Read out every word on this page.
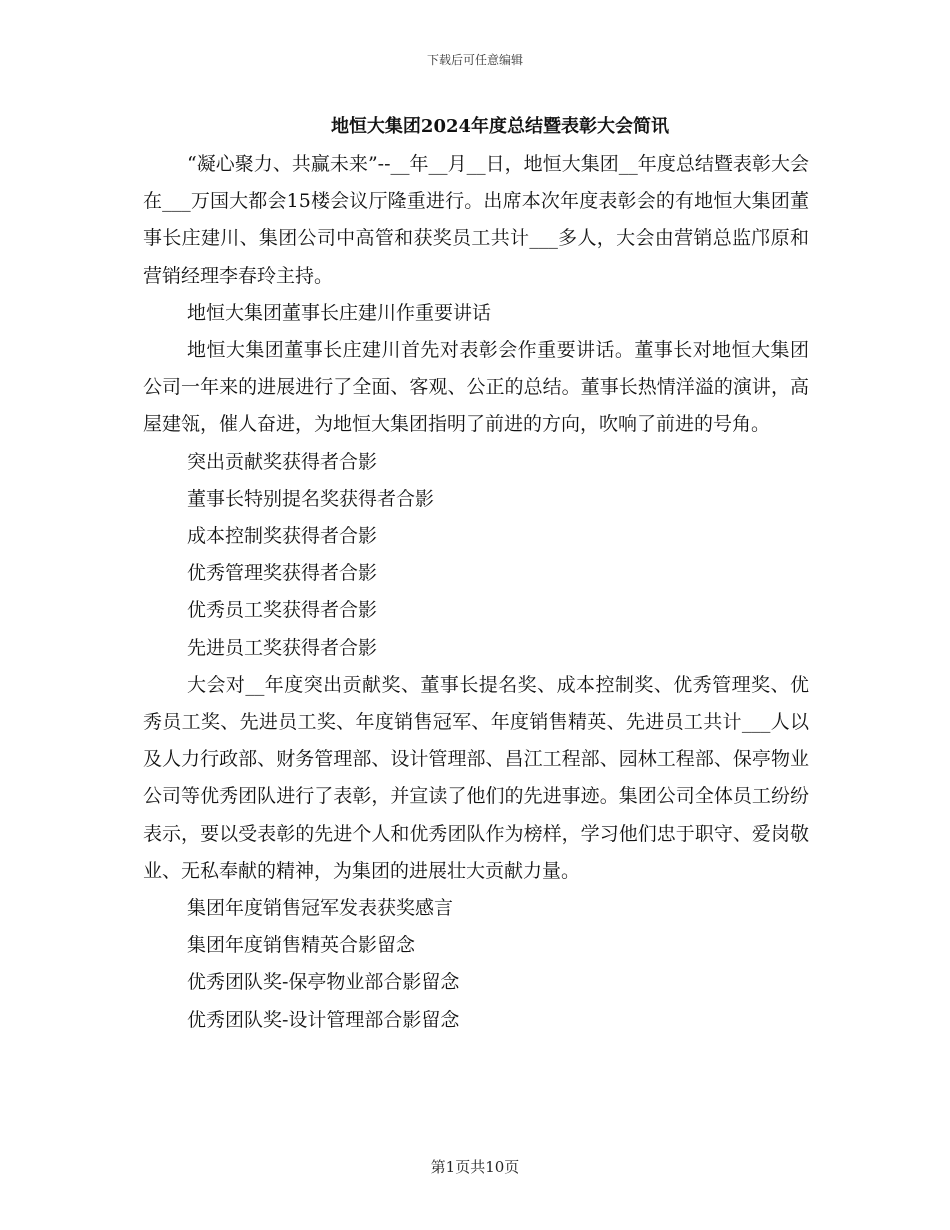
下载后可任意编辑
地恒大集团2024年度总结暨表彰大会简讯

“凝心聚力、共赢未来”--__年__月__日，地恒大集团__年度总结暨表彰大会在___万国大都会15楼会议厅隆重进行。出席本次年度表彰会的有地恒大集团董事长庄建川、集团公司中高管和获奖员工共计___多人，大会由营销总监邝原和营销经理李春玲主持。

地恒大集团董事长庄建川作重要讲话

地恒大集团董事长庄建川首先对表彰会作重要讲话。董事长对地恒大集团公司一年来的进展进行了全面、客观、公正的总结。董事长热情洋溢的演讲，高屋建瓴，催人奋进，为地恒大集团指明了前进的方向，吹响了前进的号角。

突出贡献奖获得者合影

董事长特别提名奖获得者合影

成本控制奖获得者合影

优秀管理奖获得者合影

优秀员工奖获得者合影

先进员工奖获得者合影

大会对__年度突出贡献奖、董事长提名奖、成本控制奖、优秀管理奖、优秀员工奖、先进员工奖、年度销售冠军、年度销售精英、先进员工共计___人以及人力行政部、财务管理部、设计管理部、昌江工程部、园林工程部、保亭物业公司等优秀团队进行了表彰，并宣读了他们的先进事迹。集团公司全体员工纷纷表示，要以受表彰的先进个人和优秀团队作为榜样，学习他们忠于职守、爱岗敬业、无私奉献的精神，为集团的进展壮大贡献力量。

集团年度销售冠军发表获奖感言

集团年度销售精英合影留念

优秀团队奖-保亭物业部合影留念

优秀团队奖-设计管理部合影留念

第1页共10页
